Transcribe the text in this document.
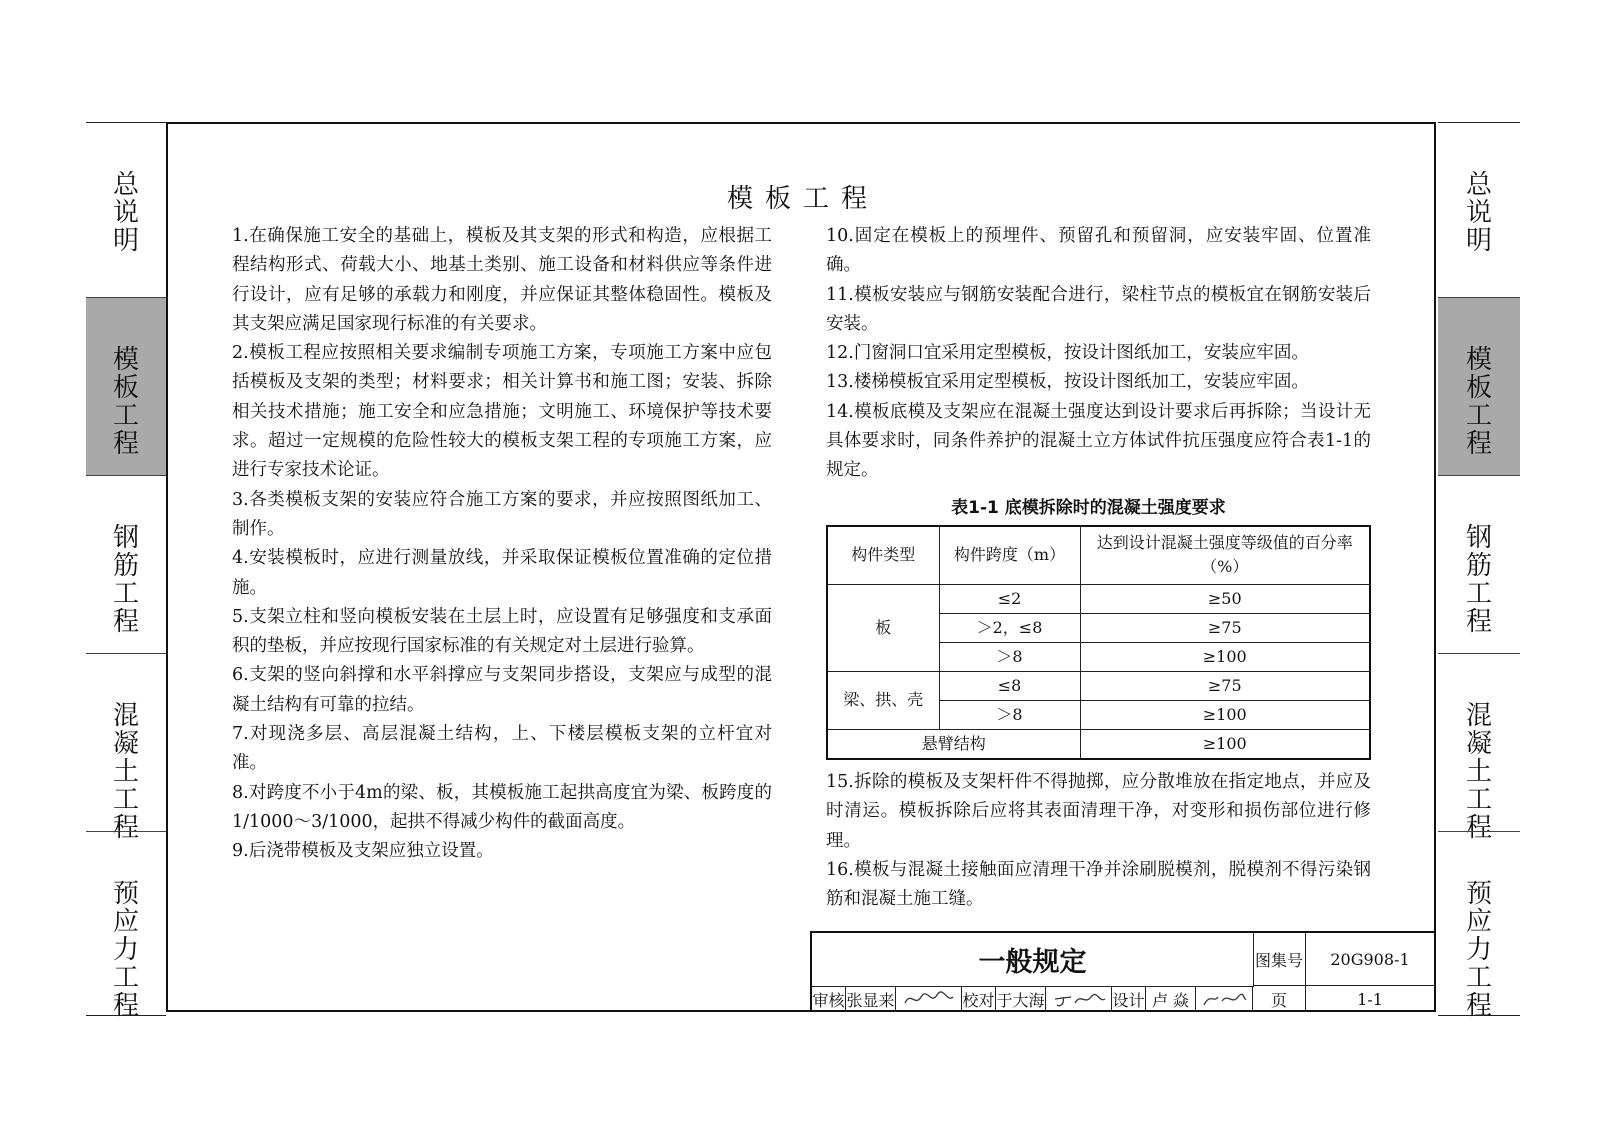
总说明
模板工程
钢筋工程
混凝土工程
预应力工程
总说明
模板工程
钢筋工程
混凝土工程
预应力工程
模板工程

1.在确保施工安全的基础上，模板及其支架的形式和构造，应根据工程结构形式、荷载大小、地基土类别、施工设备和材料供应等条件进行设计，应有足够的承载力和刚度，并应保证其整体稳固性。模板及其支架应满足国家现行标准的有关要求。

2.模板工程应按照相关要求编制专项施工方案，专项施工方案中应包括模板及支架的类型；材料要求；相关计算书和施工图；安装、拆除相关技术措施；施工安全和应急措施；文明施工、环境保护等技术要求。超过一定规模的危险性较大的模板支架工程的专项施工方案，应进行专家技术论证。

3.各类模板支架的安装应符合施工方案的要求，并应按照图纸加工、制作。

4.安装模板时，应进行测量放线，并采取保证模板位置准确的定位措施。

5.支架立柱和竖向模板安装在土层上时，应设置有足够强度和支承面积的垫板，并应按现行国家标准的有关规定对土层进行验算。

6.支架的竖向斜撑和水平斜撑应与支架同步搭设，支架应与成型的混凝土结构有可靠的拉结。

7.对现浇多层、高层混凝土结构，上、下楼层模板支架的立杆宜对准。

8.对跨度不小于4m的梁、板，其模板施工起拱高度宜为梁、板跨度的1/1000～3/1000，起拱不得减少构件的截面高度。

9.后浇带模板及支架应独立设置。

10.固定在模板上的预埋件、预留孔和预留洞，应安装牢固、位置准确。

11.模板安装应与钢筋安装配合进行，梁柱节点的模板宜在钢筋安装后安装。

12.门窗洞口宜采用定型模板，按设计图纸加工，安装应牢固。

13.楼梯模板宜采用定型模板，按设计图纸加工，安装应牢固。

14.模板底模及支架应在混凝土强度达到设计要求后再拆除；当设计无具体要求时，同条件养护的混凝土立方体试件抗压强度应符合表1-1的规定。

表1-1 底模拆除时的混凝土强度要求
构件类型	构件跨度（m）	达到设计混凝土强度等级值的百分率（%）
板	≤2	≥50
	＞2，≤8	≥75
	＞8	≥100
梁、拱、壳	≤8	≥75
	＞8	≥100
悬臂结构		≥100

15.拆除的模板及支架杆件不得抛掷，应分散堆放在指定地点，并应及时清运。模板拆除后应将其表面清理干净，对变形和损伤部位进行修理。

16.模板与混凝土接触面应清理干净并涂刷脱模剂，脱模剂不得污染钢筋和混凝土施工缝。

一般规定	图集号	20G908-1
审核 张显来	校对 于大海	设计 卢 焱	页	1-1
